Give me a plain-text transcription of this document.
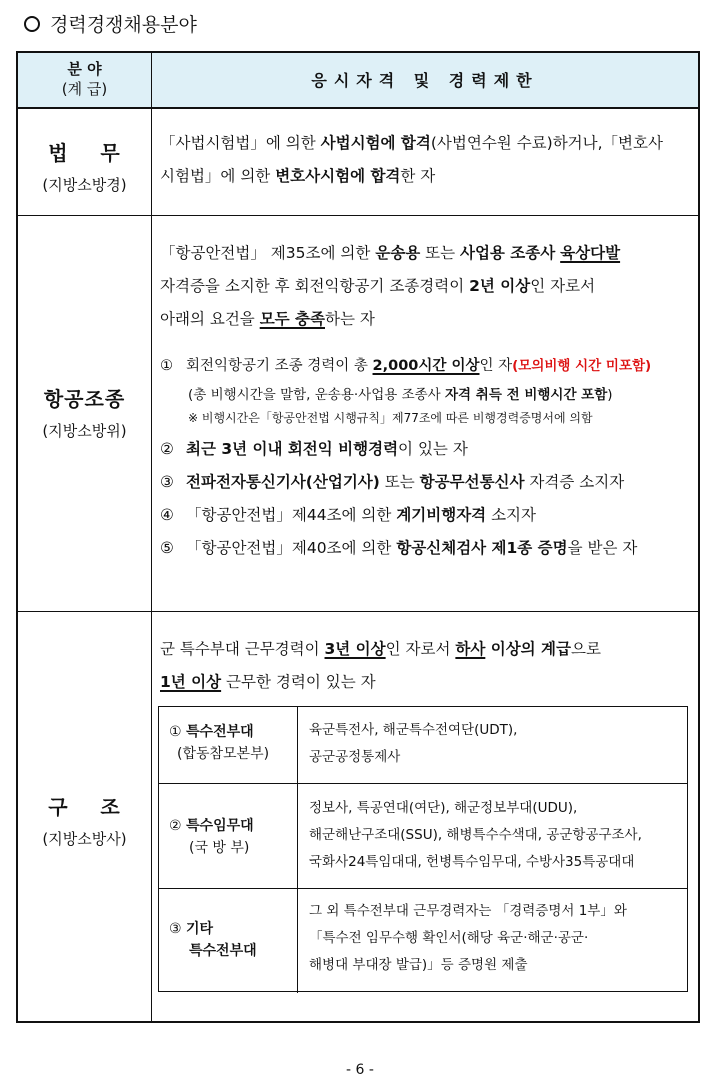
경력경쟁채용분야
분 야
(계 급)	응시자격 및 경력제한
법    무
(지방소방경)
「사법시험법」에 의한 사법시험에 합격(사법연수원 수료)하거나,「변호사
시험법」에 의한 변호사시험에 합격한 자
항공조종
(지방소방위)
「항공안전법」 제35조에 의한 운송용 또는 사업용 조종사 육상다발
자격증을 소지한 후 회전익항공기 조종경력이 2년 이상인 자로서
아래의 요건을 모두 충족하는 자
① 회전익항공기 조종 경력이 총 2,000시간 이상인 자(모의비행 시간 미포함)
(총 비행시간을 말함, 운송용·사업용 조종사 자격 취득 전 비행시간 포함)
※ 비행시간은「항공안전법 시행규칙」제77조에 따른 비행경력증명서에 의함
② 최근 3년 이내 회전익 비행경력이 있는 자
③ 전파전자통신기사(산업기사) 또는 항공무선통신사 자격증 소지자
④ 「항공안전법」제44조에 의한 계기비행자격 소지자
⑤ 「항공안전법」제40조에 의한 항공신체검사 제1종 증명을 받은 자
구    조
(지방소방사)
군 특수부대 근무경력이 3년 이상인 자로서 하사 이상의 계급으로
1년 이상 근무한 경력이 있는 자
① 특수전부대
(합동참모본부)
육군특전사, 해군특수전여단(UDT),
공군공정통제사
② 특수임무대
(국 방 부)
정보사, 특공연대(여단), 해군정보부대(UDU),
해군해난구조대(SSU), 해병특수수색대, 공군항공구조사,
국화사24특임대대, 헌병특수임무대, 수방사35특공대대
③ 기타
특수전부대
그 외 특수전부대 근무경력자는 「경력증명서 1부」와
「특수전 임무수행 확인서(해당 육군·해군·공군·
해병대 부대장 발급)」등 증명원 제출
- 6 -
